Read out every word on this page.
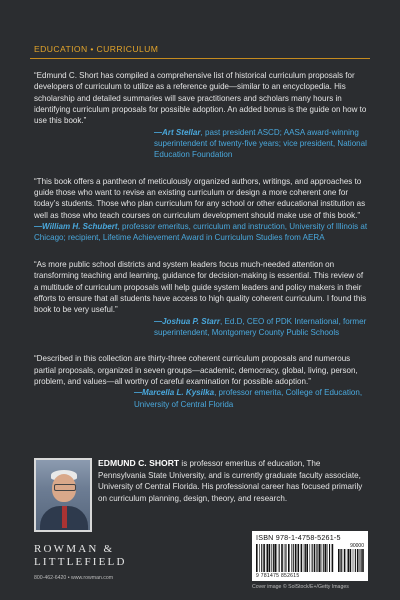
EDUCATION • CURRICULUM

“Edmund C. Short has compiled a comprehensive list of historical curriculum proposals for developers of curriculum to utilize as a reference guide—similar to an encyclopedia. His scholarship and detailed summaries will save practitioners and scholars many hours in identifying curriculum proposals for possible adoption. An added bonus is the guide on how to use this book.”

—Art Stellar, past president ASCD; AASA award-winning superintendent of twenty-five years; vice president, National Education Foundation

“This book offers a pantheon of meticulously organized authors, writings, and approaches to guide those who want to revise an existing curriculum or design a more coherent one for today’s students. Those who plan curriculum for any school or other educational institution as well as those who teach courses on curriculum development should make use of this book.”

—William H. Schubert, professor emeritus, curriculum and instruction, University of Illinois at Chicago; recipient, Lifetime Achievement Award in Curriculum Studies from AERA

“As more public school districts and system leaders focus much-needed attention on transforming teaching and learning, guidance for decision-making is essential. This review of a multitude of curriculum proposals will help guide system leaders and policy makers in their efforts to ensure that all students have access to high quality coherent curriculum. I found this book to be very useful.”

—Joshua P. Starr, Ed.D, CEO of PDK International, former superintendent, Montgomery County Public Schools

“Described in this collection are thirty-three coherent curriculum proposals and numerous partial proposals, organized in seven groups—academic, democracy, global, living, person, problem, and values—all worthy of careful examination for possible adoption.”

—Marcella L. Kysilka, professor emerita, College of Education, University of Central Florida

EDMUND C. SHORT is professor emeritus of education, The Pennsylvania State University, and is currently graduate faculty associate, University of Central Florida. His professional career has focused primarily on curriculum planning, design, theory, and research.

ROWMAN &
LITTLEFIELD
800-462-6420 • www.rowman.com
ISBN 978-1-4758-5261-5
90000
9 781475 852615
Cover image © SolStock/E+/Getty Images
